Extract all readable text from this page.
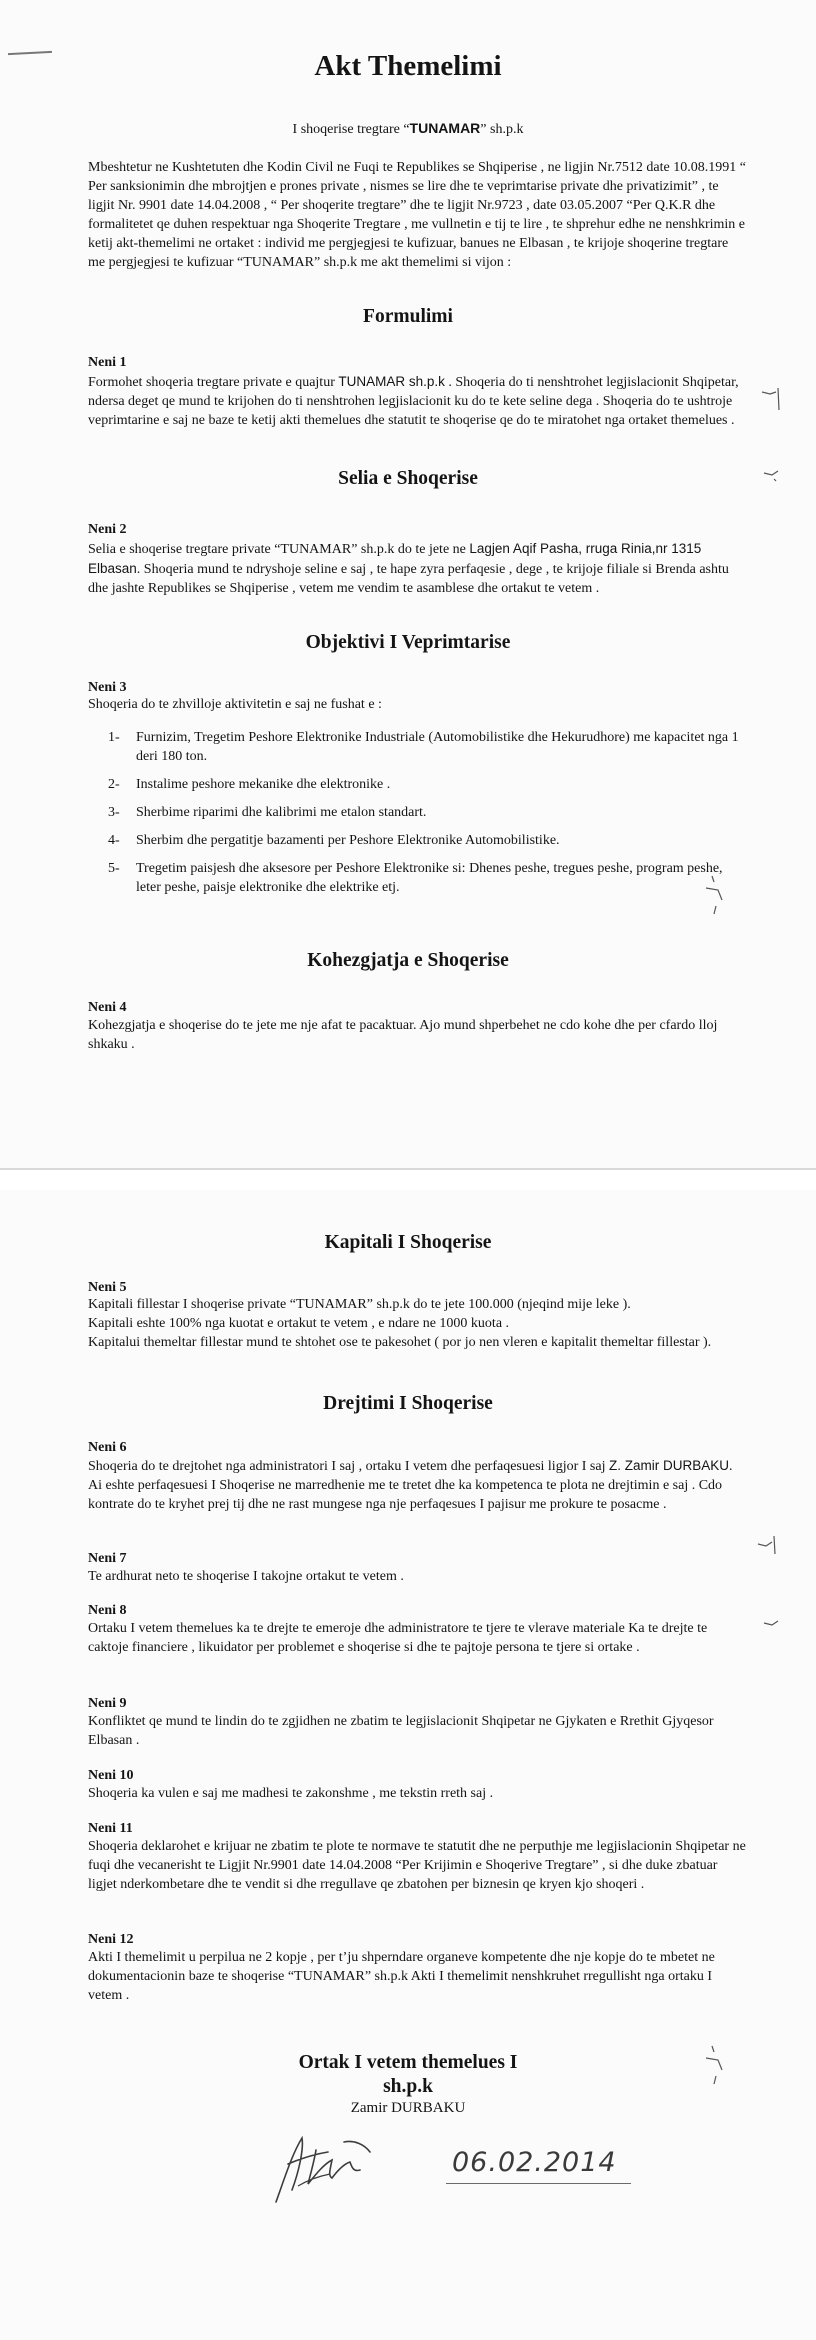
Akt Themelimi
I shoqerise tregtare “TUNAMAR” sh.p.k

Mbeshtetur ne Kushtetuten dhe Kodin Civil ne Fuqi te Republikes se Shqiperise , ne ligjin Nr.7512 date 10.08.1991 “ Per sanksionimin dhe mbrojtjen e prones private , nismes se lire dhe te veprimtarise private dhe privatizimit” , te ligjit Nr. 9901 date 14.04.2008 , “ Per shoqerite tregtare” dhe te ligjit Nr.9723 , date 03.05.2007 “Per Q.K.R dhe formalitetet qe duhen respektuar nga Shoqerite Tregtare , me vullnetin e tij te lire , te shprehur edhe ne nenshkrimin e ketij akt-themelimi ne ortaket : individ me pergjegjesi te kufizuar, banues ne Elbasan , te krijoje shoqerine tregtare me pergjegjesi te kufizuar “TUNAMAR” sh.p.k me akt themelimi si vijon :

Formulimi
Neni 1

Formohet shoqeria tregtare private e quajtur TUNAMAR sh.p.k . Shoqeria do ti nenshtrohet legjislacionit Shqipetar, ndersa deget qe mund te krijohen do ti nenshtrohen legjislacionit ku do te kete seline dega . Shoqeria do te ushtroje veprimtarine e saj ne baze te ketij akti themelues dhe statutit te shoqerise qe do te miratohet nga ortaket themelues .

Selia e Shoqerise
Neni 2

Selia e shoqerise tregtare private “TUNAMAR” sh.p.k do te jete ne Lagjen Aqif Pasha, rruga Rinia,nr 1315 Elbasan. Shoqeria mund te ndryshoje seline e saj , te hape zyra perfaqesie , dege , te krijoje filiale si Brenda ashtu dhe jashte Republikes se Shqiperise , vetem me vendim te asamblese dhe ortakut te vetem .

Objektivi I Veprimtarise
Neni 3

Shoqeria do te zhvilloje aktivitetin e saj ne fushat e :

1- Furnizim, Tregetim Peshore Elektronike Industriale (Automobilistike dhe Hekurudhore) me kapacitet nga 1 deri 180 ton.
2- Instalime peshore mekanike dhe elektronike .
3- Sherbime riparimi dhe kalibrimi me etalon standart.
4- Sherbim dhe pergatitje bazamenti per Peshore Elektronike Automobilistike.
5- Tregetim paisjesh dhe aksesore per Peshore Elektronike si: Dhenes peshe, tregues peshe, program peshe, leter peshe, paisje elektronike dhe elektrike etj.
Kohezgjatja e Shoqerise
Neni 4

Kohezgjatja e shoqerise do te jete me nje afat te pacaktuar. Ajo mund shperbehet ne cdo kohe dhe per cfardo lloj shkaku .

Kapitali I Shoqerise
Neni 5

Kapitali fillestar I shoqerise private “TUNAMAR” sh.p.k do te jete 100.000 (njeqind mije leke ).
Kapitali eshte 100% nga kuotat e ortakut te vetem , e ndare ne 1000 kuota .
Kapitalui themeltar fillestar mund te shtohet ose te pakesohet ( por jo nen vleren e kapitalit themeltar fillestar ).

Drejtimi I Shoqerise
Neni 6

Shoqeria do te drejtohet nga administratori I saj , ortaku I vetem dhe perfaqesuesi ligjor I saj Z. Zamir DURBAKU. Ai eshte perfaqesuesi I Shoqerise ne marredhenie me te tretet dhe ka kompetenca te plota ne drejtimin e saj . Cdo kontrate do te kryhet prej tij dhe ne rast mungese nga nje perfaqesues I pajisur me prokure te posacme .

Neni 7

Te ardhurat neto te shoqerise I takojne ortakut te vetem .

Neni 8

Ortaku I vetem themelues ka te drejte te emeroje dhe administratore te tjere te vlerave materiale Ka te drejte te caktoje financiere , likuidator per problemet e shoqerise si dhe te pajtoje persona te tjere si ortake .

Neni 9

Konfliktet qe mund te lindin do te zgjidhen ne zbatim te legjislacionit Shqipetar ne Gjykaten e Rrethit Gjyqesor Elbasan .

Neni 10

Shoqeria ka vulen e saj me madhesi te zakonshme , me tekstin rreth saj .

Neni 11

Shoqeria deklarohet e krijuar ne zbatim te plote te normave te statutit dhe ne perputhje me legjislacionin Shqipetar ne fuqi dhe vecanerisht te Ligjit Nr.9901 date 14.04.2008 “Per Krijimin e Shoqerive Tregtare” , si dhe duke zbatuar ligjet nderkombetare dhe te vendit si dhe rregullave qe zbatohen per biznesin qe kryen kjo shoqeri .

Neni 12

Akti I themelimit u perpilua ne 2 kopje , per t’ju shperndare organeve kompetente dhe nje kopje do te mbetet ne dokumentacionin baze te shoqerise “TUNAMAR” sh.p.k Akti I themelimit nenshkruhet rregullisht nga ortaku I vetem .

Ortak I vetem themelues I
sh.p.k
Zamir DURBAKU
06.02.2014
